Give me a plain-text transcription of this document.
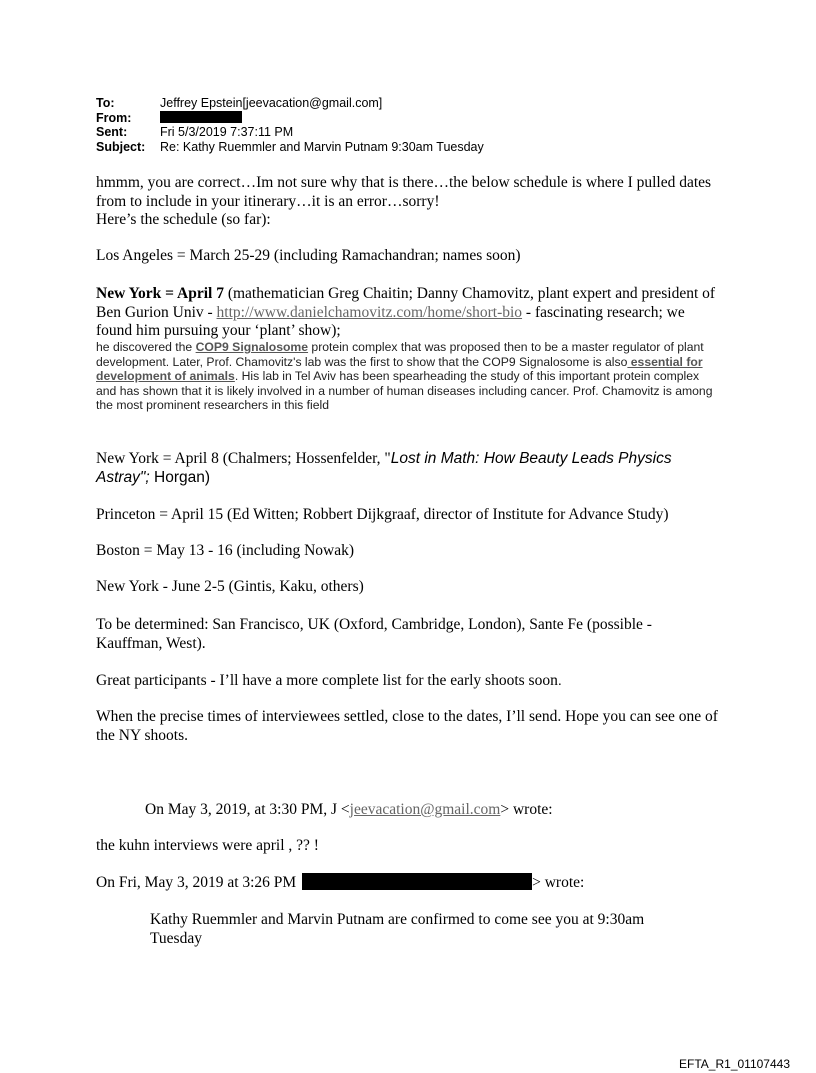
To:	Jeffrey Epstein[jeevacation@gmail.com]
From:
Sent:	Fri 5/3/2019 7:37:11 PM
Subject:	Re: Kathy Ruemmler and Marvin Putnam 9:30am Tuesday
hmmm, you are correct…Im not sure why that is there…the below schedule is where I pulled dates from to include in your itinerary…it is an error…sorry!
Here’s the schedule (so far):
Los Angeles = March 25-29 (including Ramachandran; names soon)
New York = April 7 (mathematician Greg Chaitin; Danny Chamovitz, plant expert and president of Ben Gurion Univ - http://www.danielchamovitz.com/home/short-bio - fascinating research; we found him pursuing your ‘plant’ show);
he discovered the COP9 Signalosome protein complex that was proposed then to be a master regulator of plant development. Later, Prof. Chamovitz's lab was the first to show that the COP9 Signalosome is also essential for development of animals. His lab in Tel Aviv has been spearheading the study of this important protein complex and has shown that it is likely involved in a number of human diseases including cancer. Prof. Chamovitz is among the most prominent researchers in this field
New York = April 8 (Chalmers; Hossenfelder, "Lost in Math: How Beauty Leads Physics Astray"; Horgan)
Princeton = April 15 (Ed Witten; Robbert Dijkgraaf, director of Institute for Advance Study)
Boston = May 13 - 16 (including Nowak)
New York - June 2-5 (Gintis, Kaku, others)
To be determined: San Francisco, UK (Oxford, Cambridge, London), Sante Fe (possible - Kauffman, West).
Great participants - I’ll have a more complete list for the early shoots soon.
When the precise times of interviewees settled, close to the dates, I’ll send. Hope you can see one of the NY shoots.
On May 3, 2019, at 3:30 PM, J <jeevacation@gmail.com> wrote:
the kuhn interviews were april , ?? !
On Fri, May 3, 2019 at 3:26 PM	> wrote:
Kathy Ruemmler and Marvin Putnam are confirmed to come see you at 9:30am Tuesday
EFTA_R1_01107443
